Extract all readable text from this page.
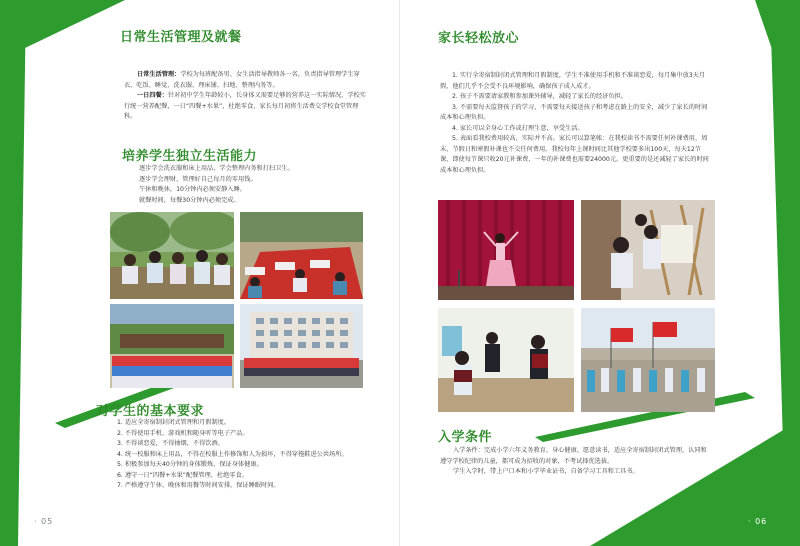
日常生活管理及就餐

日常生活管理：学校为每班配备男、女生活指导教师各一名，负责指导管理学生穿衣、吃饭、睡觉、洗衣服、理床铺、扫地、整理内务等。

一日四餐：针对初中学生年龄较小，长身体又需要足够的营养这一实际情况，学校实行统一营养配餐，一日“四餐+水果”，杜绝零食，家长每月初将生活费交学校食堂管理科。

培养学生独立生活能力
逐步学会洗衣服和床上用品，学会整理内务和打扫卫生。
逐步学会理财，管理好自己每月的零用钱。
午休和晚休，10分钟内必须安静入睡。
就餐时间，每餐30分钟内必须完成。
对学生的基本要求
1. 适应全寄宿制封闭式管理和月假制度。
2. 不得使用手机、游戏机和随身听等电子产品。
3. 不得谈恋爱，不得抽烟，不得饮酒。
4. 统一校服和床上用品，不得在校服上作修饰和人为损坏，不得穿拖鞋进公共场所。
5. 积极参加每天40分钟的身体锻炼，保证身体健康。
6. 遵守一日“四餐+水果”配餐管理，杜绝零食。
7. 严格遵守午休、晚休和用餐等时间安排，保证睡眠时间。
· 05
家长轻松放心
1. 实行全寄宿制封闭式管理和月假制度，学生不准使用手机和不准谈恋爱，每月集中放3天月假，他们几乎不会受不良环境影响，确保孩子成人成才。
2. 孩子不需要请家教和参加课外辅导，减轻了家长的经济负担。
3. 不需要每天监督孩子的学习，不需要每天接送孩子和考虑在路上的安全，减少了家长的时间成本和心理负担。
4. 家长可以全身心工作或打理生意，享受生活。
5. 表面看我校费用较高，实际并不高。家长可以算笔帐：在我校读书不需要任何补课费用，周末、节假日和寒假补课也不交任何费用。我校每年上课时间比其他学校要多出100天，每天12节课，即使每节课只收20元补课费，一年的补课费也需要24000元。更重要的是还减轻了家长的时间成本和心理负担。
入学条件

入学条件：完成小学六年义务教育、身心健康、愿意读书，适应全寄宿制封闭式管理，认同和遵守学校纪律的儿童，都可成为招收的对象，不考试择优选拔。

学生入学时，带上户口本和小学毕业证书，自备学习工具和工具书。

· 06
